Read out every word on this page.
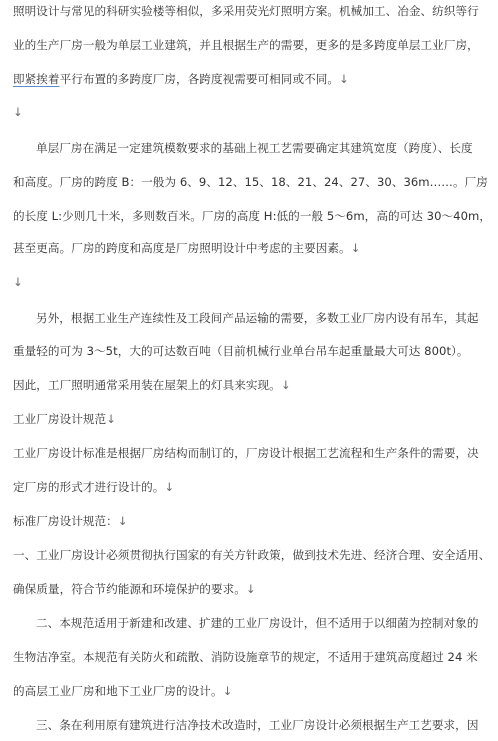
照明设计与常见的科研实验楼等相似，多采用荧光灯照明方案。机械加工、冶金、纺织等行
业的生产厂房一般为单层工业建筑，并且根据生产的需要，更多的是多跨度单层工业厂房，
即紧挨着平行布置的多跨度厂房，各跨度视需要可相同或不同。↓
↓
单层厂房在满足一定建筑模数要求的基础上视工艺需要确定其建筑宽度（跨度）、长度
和高度。厂房的跨度 B：一般为 6、9、12、15、18、21、24、27、30、36m……。厂房
的长度 L:少则几十米，多则数百米。厂房的高度 H:低的一般 5～6m，高的可达 30～40m，
甚至更高。厂房的跨度和高度是厂房照明设计中考虑的主要因素。↓
↓
另外，根据工业生产连续性及工段间产品运输的需要，多数工业厂房内设有吊车，其起
重量轻的可为 3～5t，大的可达数百吨（目前机械行业单台吊车起重量最大可达 800t）。
因此，工厂照明通常采用装在屋架上的灯具来实现。↓
工业厂房设计规范↓
工业厂房设计标准是根据厂房结构而制订的，厂房设计根据工艺流程和生产条件的需要，决
定厂房的形式才进行设计的。↓
标准厂房设计规范：↓
一、工业厂房设计必须贯彻执行国家的有关方针政策，做到技术先进、经济合理、安全适用、
确保质量，符合节约能源和环境保护的要求。↓
二、本规范适用于新建和改建、扩建的工业厂房设计，但不适用于以细菌为控制对象的
生物洁净室。本规范有关防火和疏散、消防设施章节的规定，不适用于建筑高度超过 24 米
的高层工业厂房和地下工业厂房的设计。↓
三、条在利用原有建筑进行洁净技术改造时，工业厂房设计必须根据生产工艺要求，因
